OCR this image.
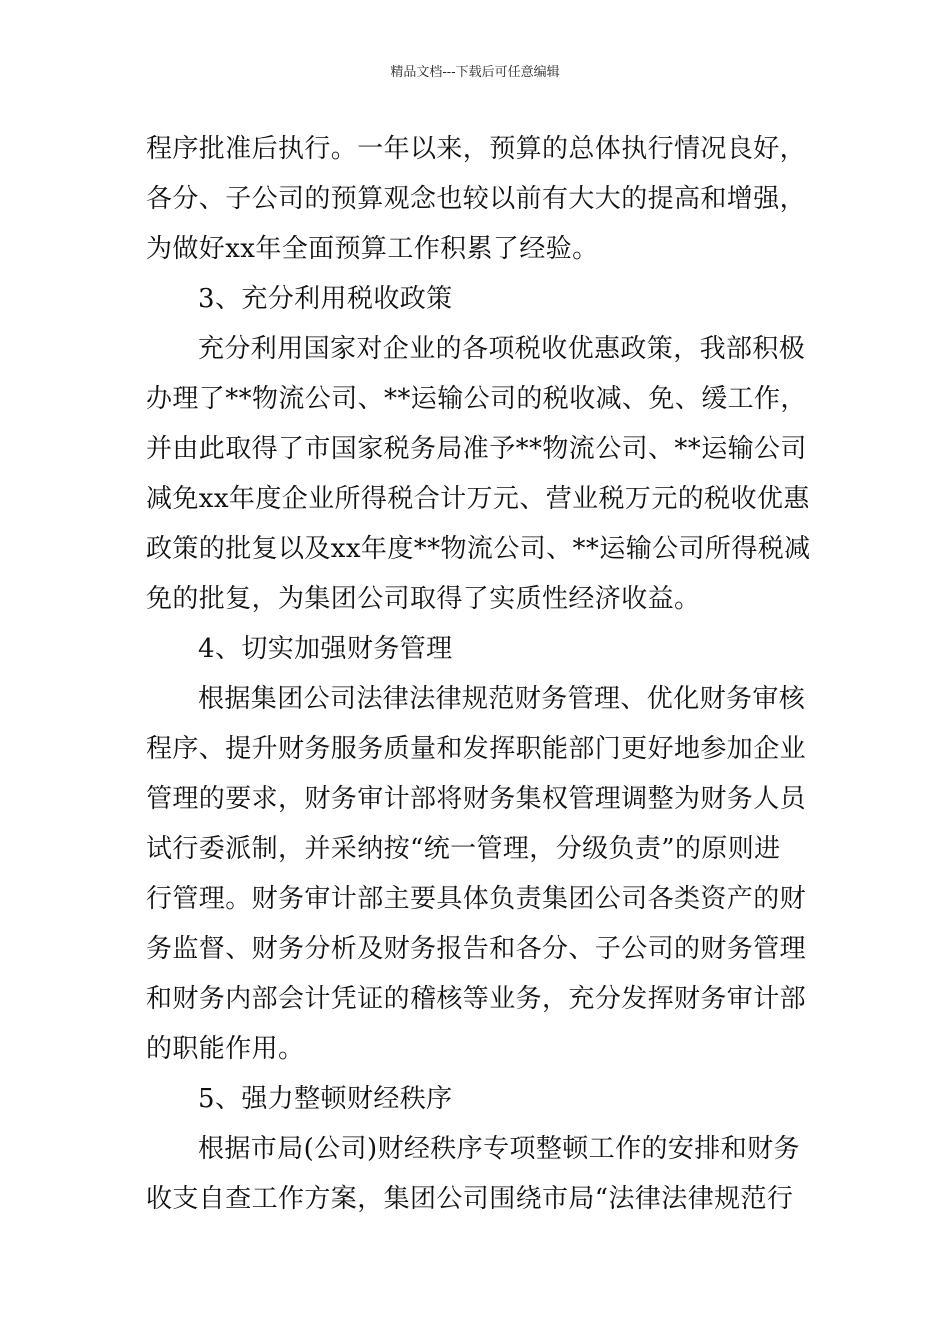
精品文档---下载后可任意编辑
程序批准后执行。一年以来，预算的总体执行情况良好，
各分、子公司的预算观念也较以前有大大的提高和增强，
为做好xx年全面预算工作积累了经验。
3、充分利用税收政策
充分利用国家对企业的各项税收优惠政策，我部积极
办理了**物流公司、**运输公司的税收减、免、缓工作，
并由此取得了市国家税务局准予**物流公司、**运输公司
减免xx年度企业所得税合计万元、营业税万元的税收优惠
政策的批复以及xx年度**物流公司、**运输公司所得税减
免的批复，为集团公司取得了实质性经济收益。
4、切实加强财务管理
根据集团公司法律法律规范财务管理、优化财务审核
程序、提升财务服务质量和发挥职能部门更好地参加企业
管理的要求，财务审计部将财务集权管理调整为财务人员
试行委派制，并采纳按“统一管理，分级负责”的原则进
行管理。财务审计部主要具体负责集团公司各类资产的财
务监督、财务分析及财务报告和各分、子公司的财务管理
和财务内部会计凭证的稽核等业务，充分发挥财务审计部
的职能作用。
5、强力整顿财经秩序
根据市局(公司)财经秩序专项整顿工作的安排和财务
收支自查工作方案，集团公司围绕市局“法律法律规范行
